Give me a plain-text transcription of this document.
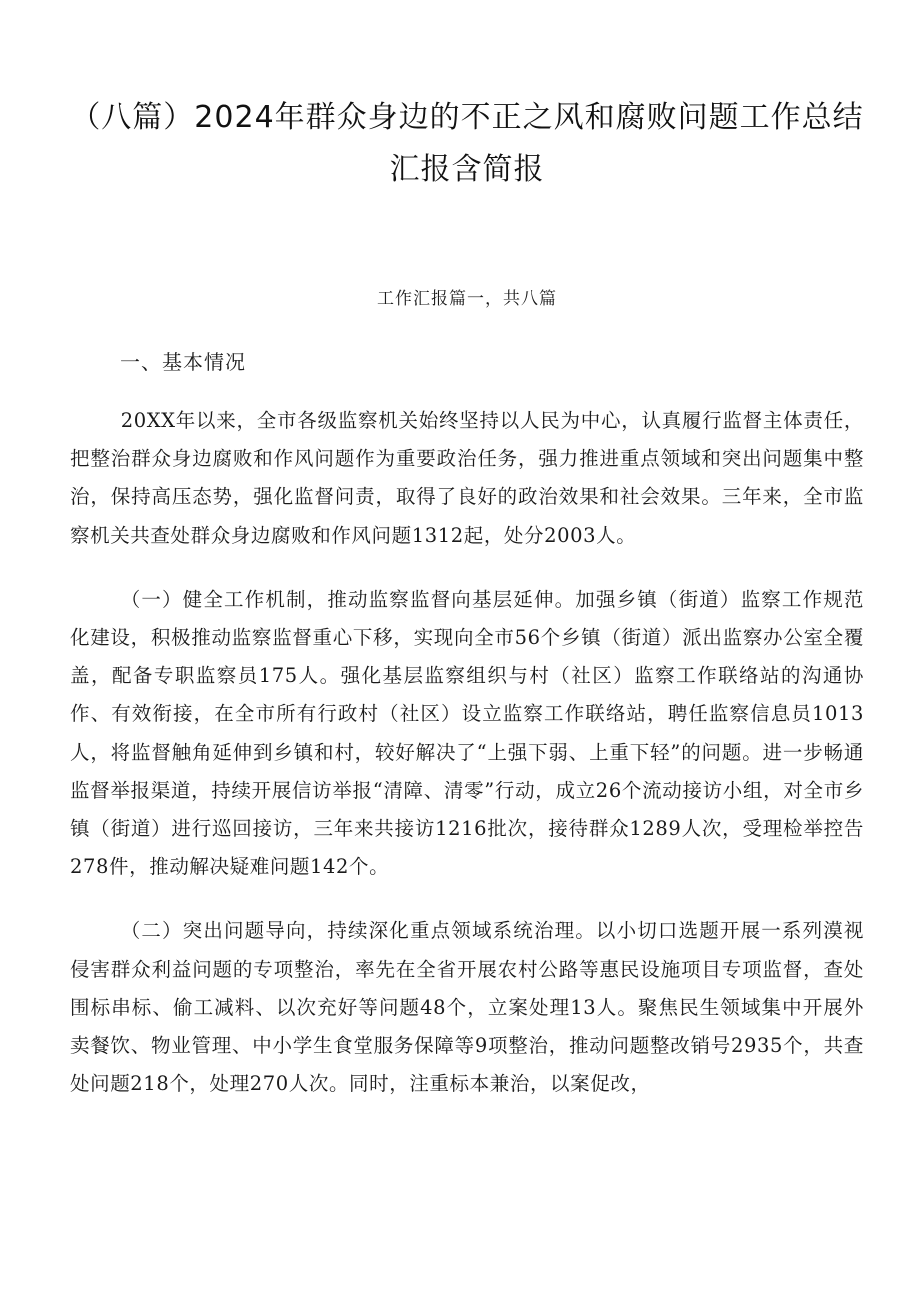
（八篇）2024年群众身边的不正之风和腐败问题工作总结汇报含简报
工作汇报篇一，共八篇
一、基本情况

20XX年以来，全市各级监察机关始终坚持以人民为中心，认真履行监督主体责任，把整治群众身边腐败和作风问题作为重要政治任务，强力推进重点领域和突出问题集中整治，保持高压态势，强化监督问责，取得了良好的政治效果和社会效果。三年来，全市监察机关共查处群众身边腐败和作风问题1312起，处分2003人。

（一）健全工作机制，推动监察监督向基层延伸。加强乡镇（街道）监察工作规范化建设，积极推动监察监督重心下移，实现向全市56个乡镇（街道）派出监察办公室全覆盖，配备专职监察员175人。强化基层监察组织与村（社区）监察工作联络站的沟通协作、有效衔接，在全市所有行政村（社区）设立监察工作联络站，聘任监察信息员1013人，将监督触角延伸到乡镇和村，较好解决了“上强下弱、上重下轻”的问题。进一步畅通监督举报渠道，持续开展信访举报“清障、清零”行动，成立26个流动接访小组，对全市乡镇（街道）进行巡回接访，三年来共接访1216批次，接待群众1289人次，受理检举控告278件，推动解决疑难问题142个。

（二）突出问题导向，持续深化重点领域系统治理。以小切口选题开展一系列漠视侵害群众利益问题的专项整治，率先在全省开展农村公路等惠民设施项目专项监督，查处围标串标、偷工减料、以次充好等问题48个，立案处理13人。聚焦民生领域集中开展外卖餐饮、物业管理、中小学生食堂服务保障等9项整治，推动问题整改销号2935个，共查处问题218个，处理270人次。同时，注重标本兼治，以案促改，
